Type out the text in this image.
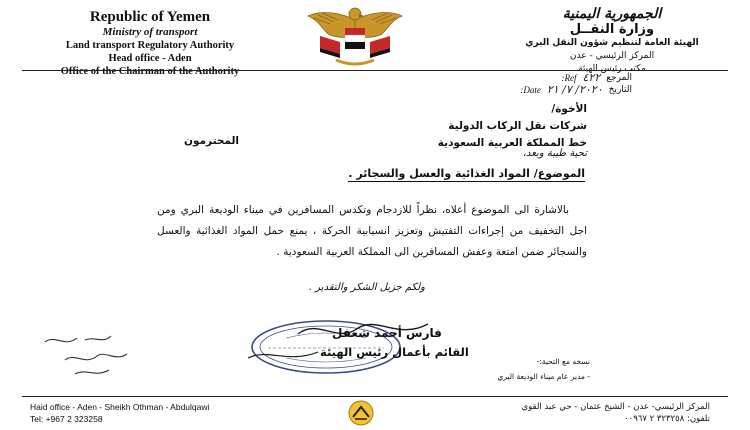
Republic of Yemen
Ministry of transport
Land transport Regulatory Authority
Head office - Aden
Office of the Chairman of the Authority
الجمهورية اليمنية
وزارة النقــل
الهيئة العامة لتنظيم شؤون النقل البري
المركز الرئيسي - عدن
مكتب رئيس الهيئة
المرجع
٤٢٢
Ref:
التاريخ
٢٠٢٠/ ٧/ ٢١
Date:
الأخوة/
شركات نقل الركاب الدولية
خط المملكة العربية السعودية
المحترمون
تحية طيبة وبعد،
الموضوع/ المواد الغذائية والعسل والسجائر .

بالاشارة الى الموضوع أعلاه، نظراً للازدحام وتكدس المسافرين في ميناء الوديعة البري ومن اجل التخفيف من إجراءات التفتيش وتعزيز انسيابية الحركة ، يمنع حمل المواد الغذائية والعسل والسجائر ضمن امتعة وعفش المسافرين الى المملكة العربية السعودية .

ولكم جزيل الشكر والتقدير .
فارس أحمد شعفل
القائم بأعمال رئيس الهيئة
نسخه مع التحية:-
- مدير عام ميناء الوديعة البري
Haid office - Aden - Sheikh Othman - Abdulqawi
Tel: +967 2 323258
المركز الرئيسي- عدن - الشيخ عثمان - حي عبد القوي
تلفون: ٣٢٣٢٥٨ ٢ ٠٠٩٦٧
